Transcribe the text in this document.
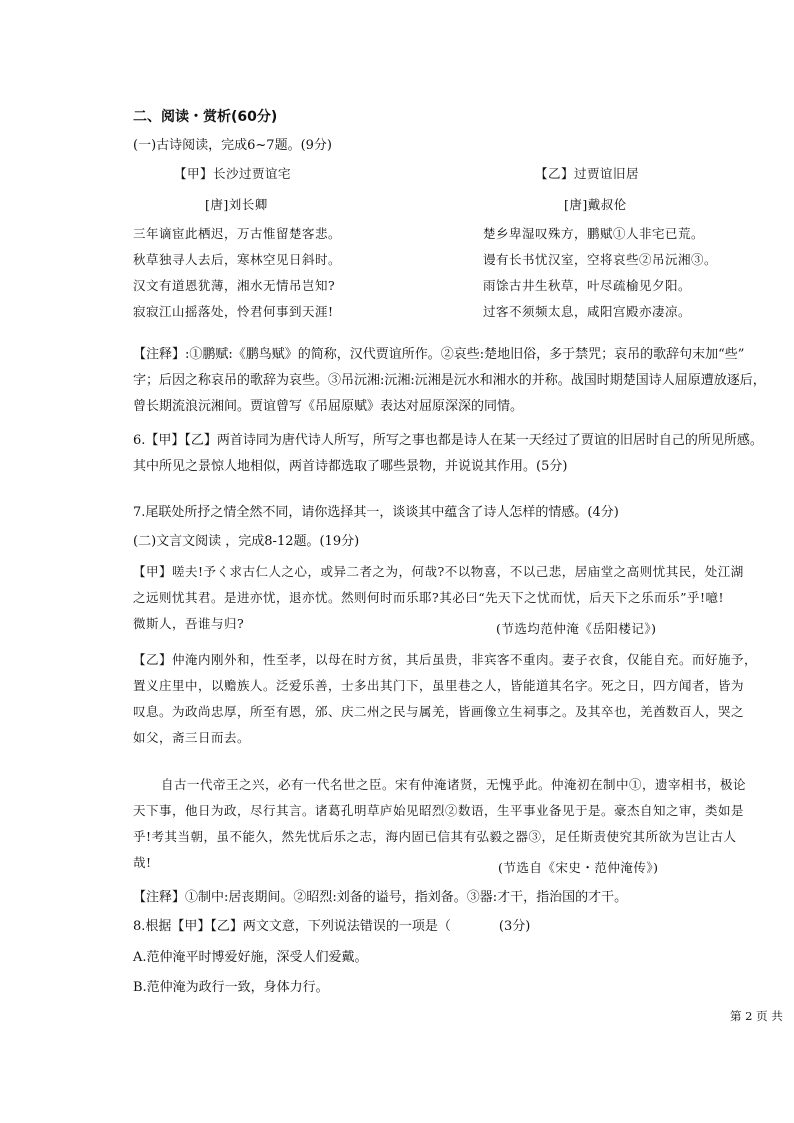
二、阅读・赏析(60分)
(一)古诗阅读，完成6~7题。(9分)
【甲】长沙过贾谊宅
[唐]刘长卿
三年谪宦此栖迟，万古惟留楚客悲。
秋草独寻人去后，寒林空见日斜时。
汉文有道恩犹薄，湘水无情吊岂知?
寂寂江山摇落处，怜君何事到天涯!
【乙】过贾谊旧居
[唐]戴叔伦
楚乡卑湿叹殊方，鹏赋①人非宅已荒。
谩有长书忧汉室，空将哀些②吊沅湘③。
雨馀古井生秋草，叶尽疏榆见夕阳。
过客不须频太息，咸阳宫殿亦凄凉。
【注释】:①鹏赋:《鹏鸟赋》的简称，汉代贾谊所作。②哀些:楚地旧俗，多于禁咒；哀吊的歌辞句末加“些”
字；后因之称哀吊的歌辞为哀些。③吊沅湘:沅湘:沅湘是沅水和湘水的并称。战国时期楚国诗人屈原遭放逐后，
曾长期流浪沅湘间。贾谊曾写《吊屈原赋》表达对屈原深深的同情。
6.【甲】【乙】两首诗同为唐代诗人所写，所写之事也都是诗人在某一天经过了贾谊的旧居时自己的所见所感。
其中所见之景惊人地相似，两首诗都选取了哪些景物，并说说其作用。(5分)
7.尾联处所抒之情全然不同，请你选择其一，谈谈其中蕴含了诗人怎样的情感。(4分)
(二)文言文阅读 ，完成8-12题。(19分)
【甲】嗟夫!予く求古仁人之心，或异二者之为，何哉?不以物喜，不以己悲，居庙堂之高则忧其民，处江湖
之远则忧其君。是进亦忧，退亦忧。然则何时而乐耶?其必曰“先天下之忧而忧，后天下之乐而乐”乎!噫!
微斯人，吾谁与归?	(节选均范仲淹《岳阳楼记》)
【乙】仲淹内刚外和，性至孝，以母在时方贫，其后虽贵，非宾客不重肉。妻子衣食，仅能自充。而好施予，
置义庄里中，以赡族人。泛爱乐善，士多出其门下，虽里巷之人，皆能道其名字。死之日，四方闻者，皆为
叹息。为政尚忠厚，所至有恩，邠、庆二州之民与属羌，皆画像立生祠事之。及其卒也，羌酋数百人，哭之
如父，斋三日而去。
自古一代帝王之兴，必有一代名世之臣。宋有仲淹诸贤，无愧乎此。仲淹初在制中①，遗宰相书，极论
天下事，他日为政，尽行其言。诸葛孔明草庐始见昭烈②数语，生平事业备见于是。豪杰自知之审，类如是
乎!考其当朝，虽不能久，然先忧后乐之志，海内固已信其有弘毅之器③，足任斯责使究其所欲为岂让古人
哉!	(节选自《宋史・范仲淹传》)
【注释】①制中:居丧期间。②昭烈:刘备的谥号，指刘备。③器:才干，指治国的才干。
8.根据【甲】【乙】两文文意，下列说法错误的一项是（	(3分)
A.范仲淹平时博爱好施，深受人们爱戴。
B.范仲淹为政行一致，身体力行。
第 2 页 共
